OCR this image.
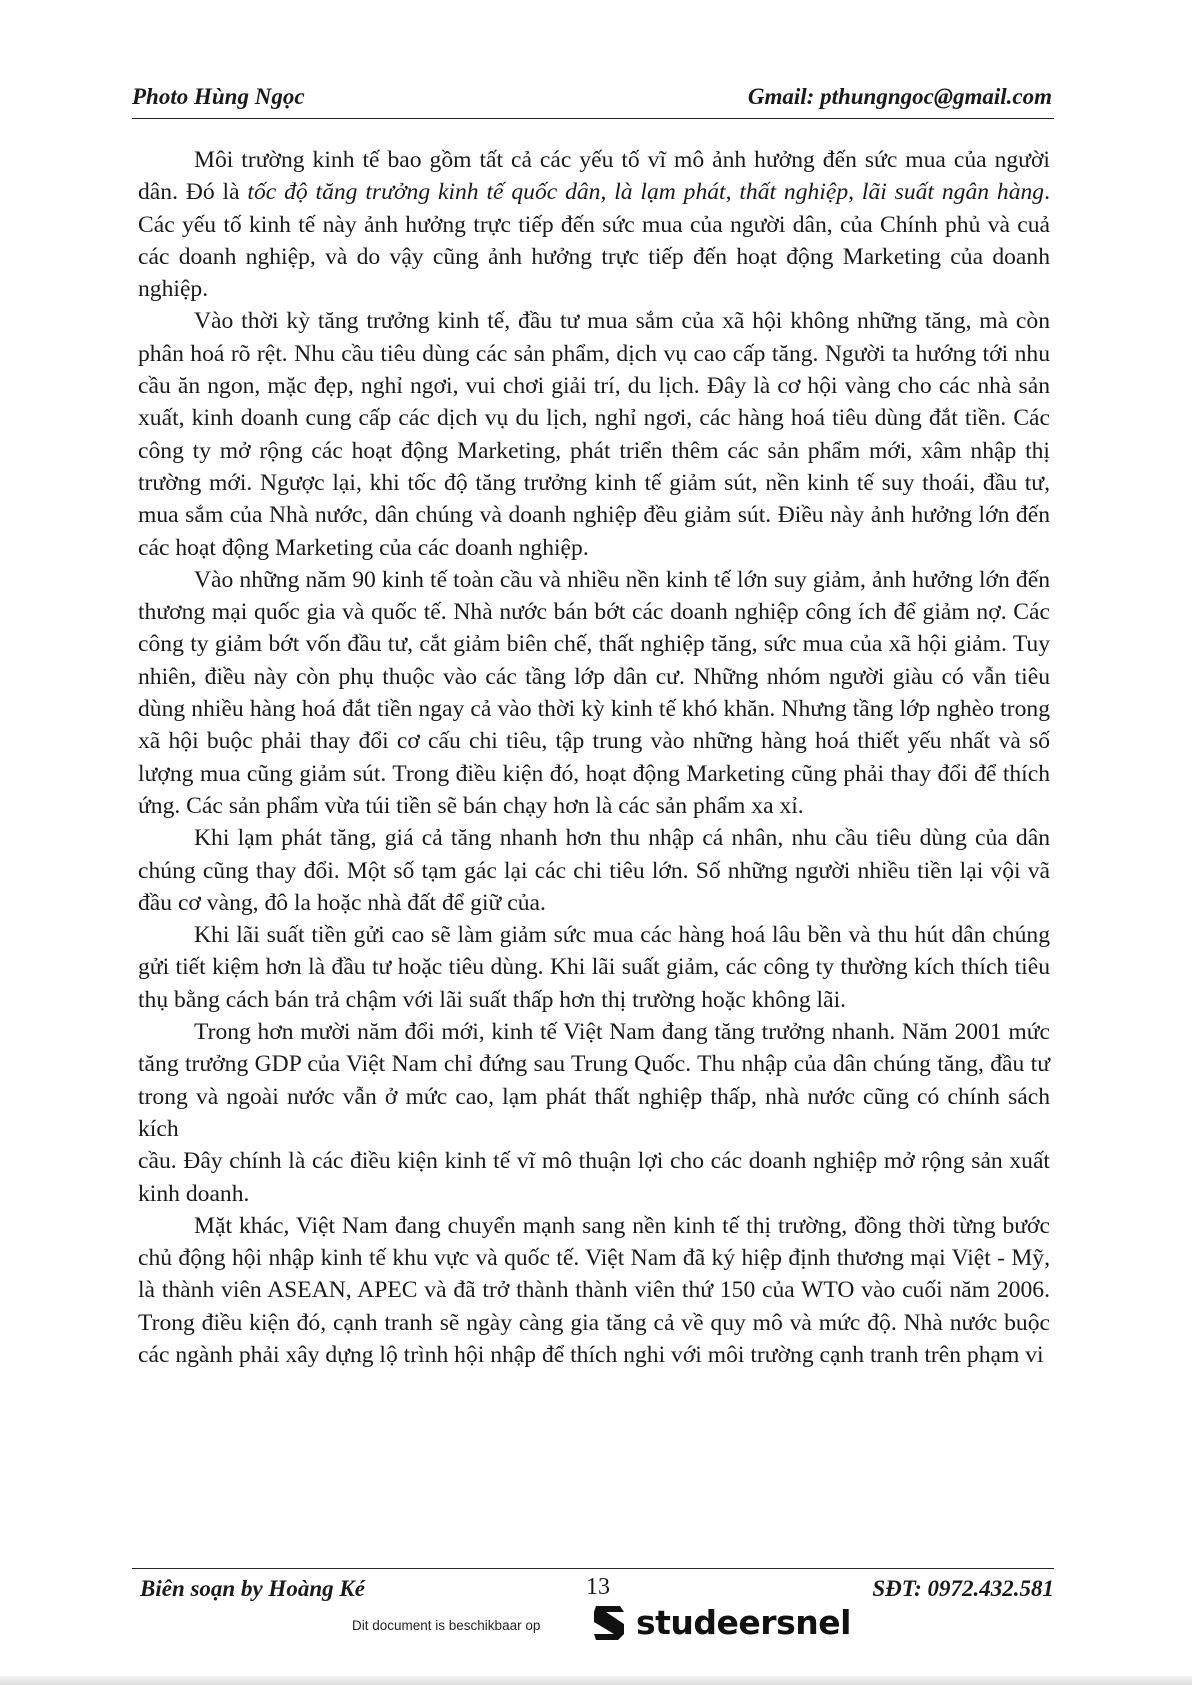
Photo Hùng Ngọc	Gmail: pthungngoc@gmail.com

Môi trường kinh tế bao gồm tất cả các yếu tố vĩ mô ảnh hưởng đến sức mua của người dân. Đó là tốc độ tăng trưởng kinh tế quốc dân, là lạm phát, thất nghiệp, lãi suất ngân hàng. Các yếu tố kinh tế này ảnh hưởng trực tiếp đến sức mua của người dân, của Chính phủ và cuả các doanh nghiệp, và do vậy cũng ảnh hưởng trực tiếp đến hoạt động Marketing của doanh nghiệp.

Vào thời kỳ tăng trưởng kinh tế, đầu tư mua sắm của xã hội không những tăng, mà còn phân hoá rõ rệt. Nhu cầu tiêu dùng các sản phẩm, dịch vụ cao cấp tăng. Người ta hướng tới nhu cầu ăn ngon, mặc đẹp, nghỉ ngơi, vui chơi giải trí, du lịch. Đây là cơ hội vàng cho các nhà sản xuất, kinh doanh cung cấp các dịch vụ du lịch, nghỉ ngơi, các hàng hoá tiêu dùng đắt tiền. Các công ty mở rộng các hoạt động Marketing, phát triển thêm các sản phẩm mới, xâm nhập thị trường mới. Ngược lại, khi tốc độ tăng trưởng kinh tế giảm sút, nền kinh tế suy thoái, đầu tư, mua sắm của Nhà nước, dân chúng và doanh nghiệp đều giảm sút. Điều này ảnh hưởng lớn đến các hoạt động Marketing của các doanh nghiệp.

Vào những năm 90 kinh tế toàn cầu và nhiều nền kinh tế lớn suy giảm, ảnh hưởng lớn đến thương mại quốc gia và quốc tế. Nhà nước bán bớt các doanh nghiệp công ích để giảm nợ. Các công ty giảm bớt vốn đầu tư, cắt giảm biên chế, thất nghiệp tăng, sức mua của xã hội giảm. Tuy nhiên, điều này còn phụ thuộc vào các tầng lớp dân cư. Những nhóm người giàu có vẫn tiêu dùng nhiều hàng hoá đắt tiền ngay cả vào thời kỳ kinh tế khó khăn. Nhưng tầng lớp nghèo trong xã hội buộc phải thay đổi cơ cấu chi tiêu, tập trung vào những hàng hoá thiết yếu nhất và số lượng mua cũng giảm sút. Trong điều kiện đó, hoạt động Marketing cũng phải thay đổi để thích ứng. Các sản phẩm vừa túi tiền sẽ bán chạy hơn là các sản phẩm xa xỉ.

Khi lạm phát tăng, giá cả tăng nhanh hơn thu nhập cá nhân, nhu cầu tiêu dùng của dân chúng cũng thay đổi. Một số tạm gác lại các chi tiêu lớn. Số những người nhiều tiền lại vội vã đầu cơ vàng, đô la hoặc nhà đất để giữ của.

Khi lãi suất tiền gửi cao sẽ làm giảm sức mua các hàng hoá lâu bền và thu hút dân chúng gửi tiết kiệm hơn là đầu tư hoặc tiêu dùng. Khi lãi suất giảm, các công ty thường kích thích tiêu thụ bằng cách bán trả chậm với lãi suất thấp hơn thị trường hoặc không lãi.

Trong hơn mười năm đổi mới, kinh tế Việt Nam đang tăng trưởng nhanh. Năm 2001 mức tăng trưởng GDP của Việt Nam chỉ đứng sau Trung Quốc. Thu nhập của dân chúng tăng, đầu tư trong và ngoài nước vẫn ở mức cao, lạm phát thất nghiệp thấp, nhà nước cũng có chính sách kích

cầu. Đây chính là các điều kiện kinh tế vĩ mô thuận lợi cho các doanh nghiệp mở rộng sản xuất kinh doanh.

Mặt khác, Việt Nam đang chuyển mạnh sang nền kinh tế thị trường, đồng thời từng bước chủ động hội nhập kinh tế khu vực và quốc tế. Việt Nam đã ký hiệp định thương mại Việt - Mỹ, là thành viên ASEAN, APEC và đã trở thành thành viên thứ 150 của WTO vào cuối năm 2006. Trong điều kiện đó, cạnh tranh sẽ ngày càng gia tăng cả về quy mô và mức độ. Nhà nước buộc các ngành phải xây dựng lộ trình hội nhập để thích nghi với môi trường cạnh tranh trên phạm vi

Biên soạn by Hoàng Ké	13	SĐT: 0972.432.581
Dit document is beschikbaar op	studeersnel
